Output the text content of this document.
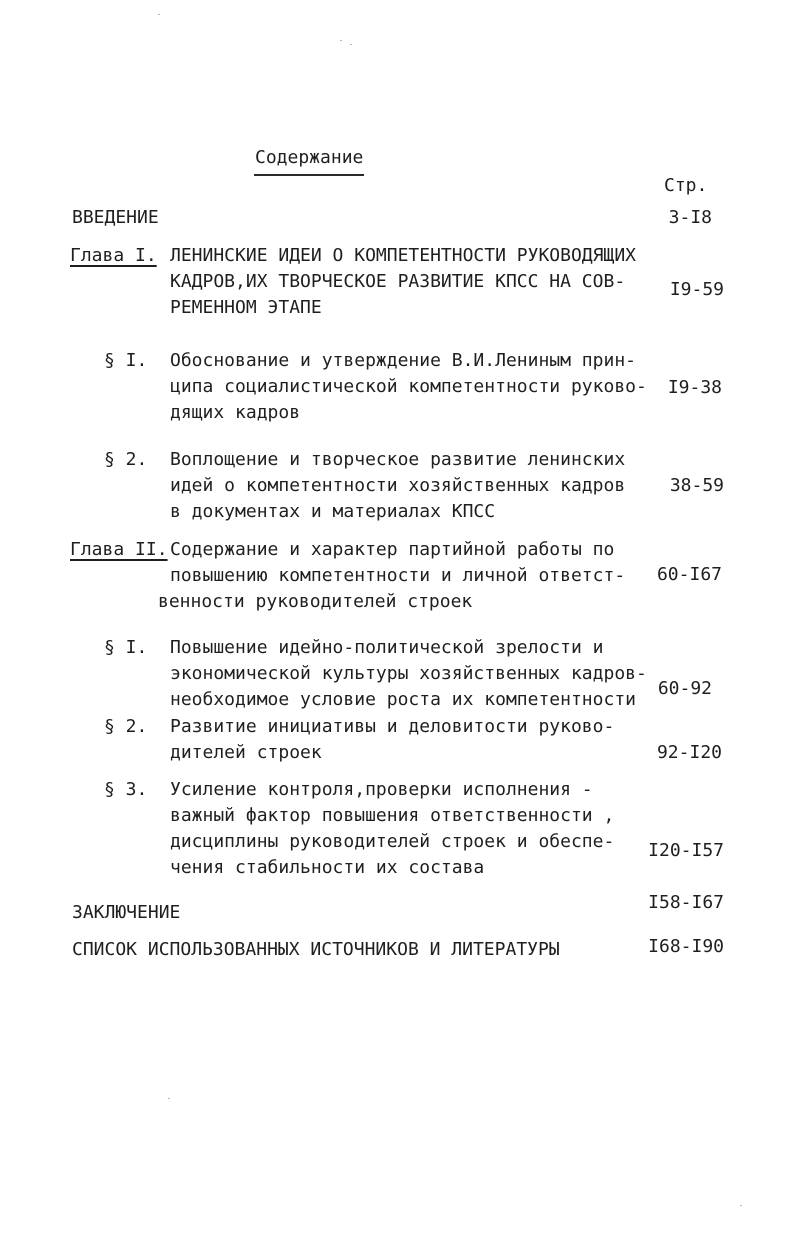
Содержание
Стр.
ВВЕДЕНИЕ	3-I8
Глава I. ЛЕНИНСКИЕ ИДЕИ О КОМПЕТЕНТНОСТИ РУКОВОДЯЩИХ
КАДРОВ,ИХ ТВОРЧЕСКОЕ РАЗВИТИЕ КПСС НА СОВ-
РЕМЕННОМ ЭТАПЕ
I9-59
§ I. Обоснование и утверждение В.И.Лениным прин-
ципа социалистической компетентности руково-
дящих кадров
I9-38
§ 2. Воплощение и творческое развитие ленинских
идей о компетентности хозяйственных кадров
в документах и материалах КПСС
38-59
Глава II. Содержание и характер партийной работы по
повышению компетентности и личной ответст-
венности руководителей строек
60-I67
§ I. Повышение идейно-политической зрелости и
экономической культуры хозяйственных кадров-
необходимое условие роста их компетентности
60-92
§ 2. Развитие инициативы и деловитости руково-
дителей строек	92-I20
§ 3. Усиление контроля,проверки исполнения -
важный фактор повышения ответственности ,
дисциплины руководителей строек и обеспе-
чения стабильности их состава
I20-I57
ЗАКЛЮЧЕНИЕ	I58-I67
СПИСОК ИСПОЛЬЗОВАННЫХ ИСТОЧНИКОВ И ЛИТЕРАТУРЫ	I68-I90
